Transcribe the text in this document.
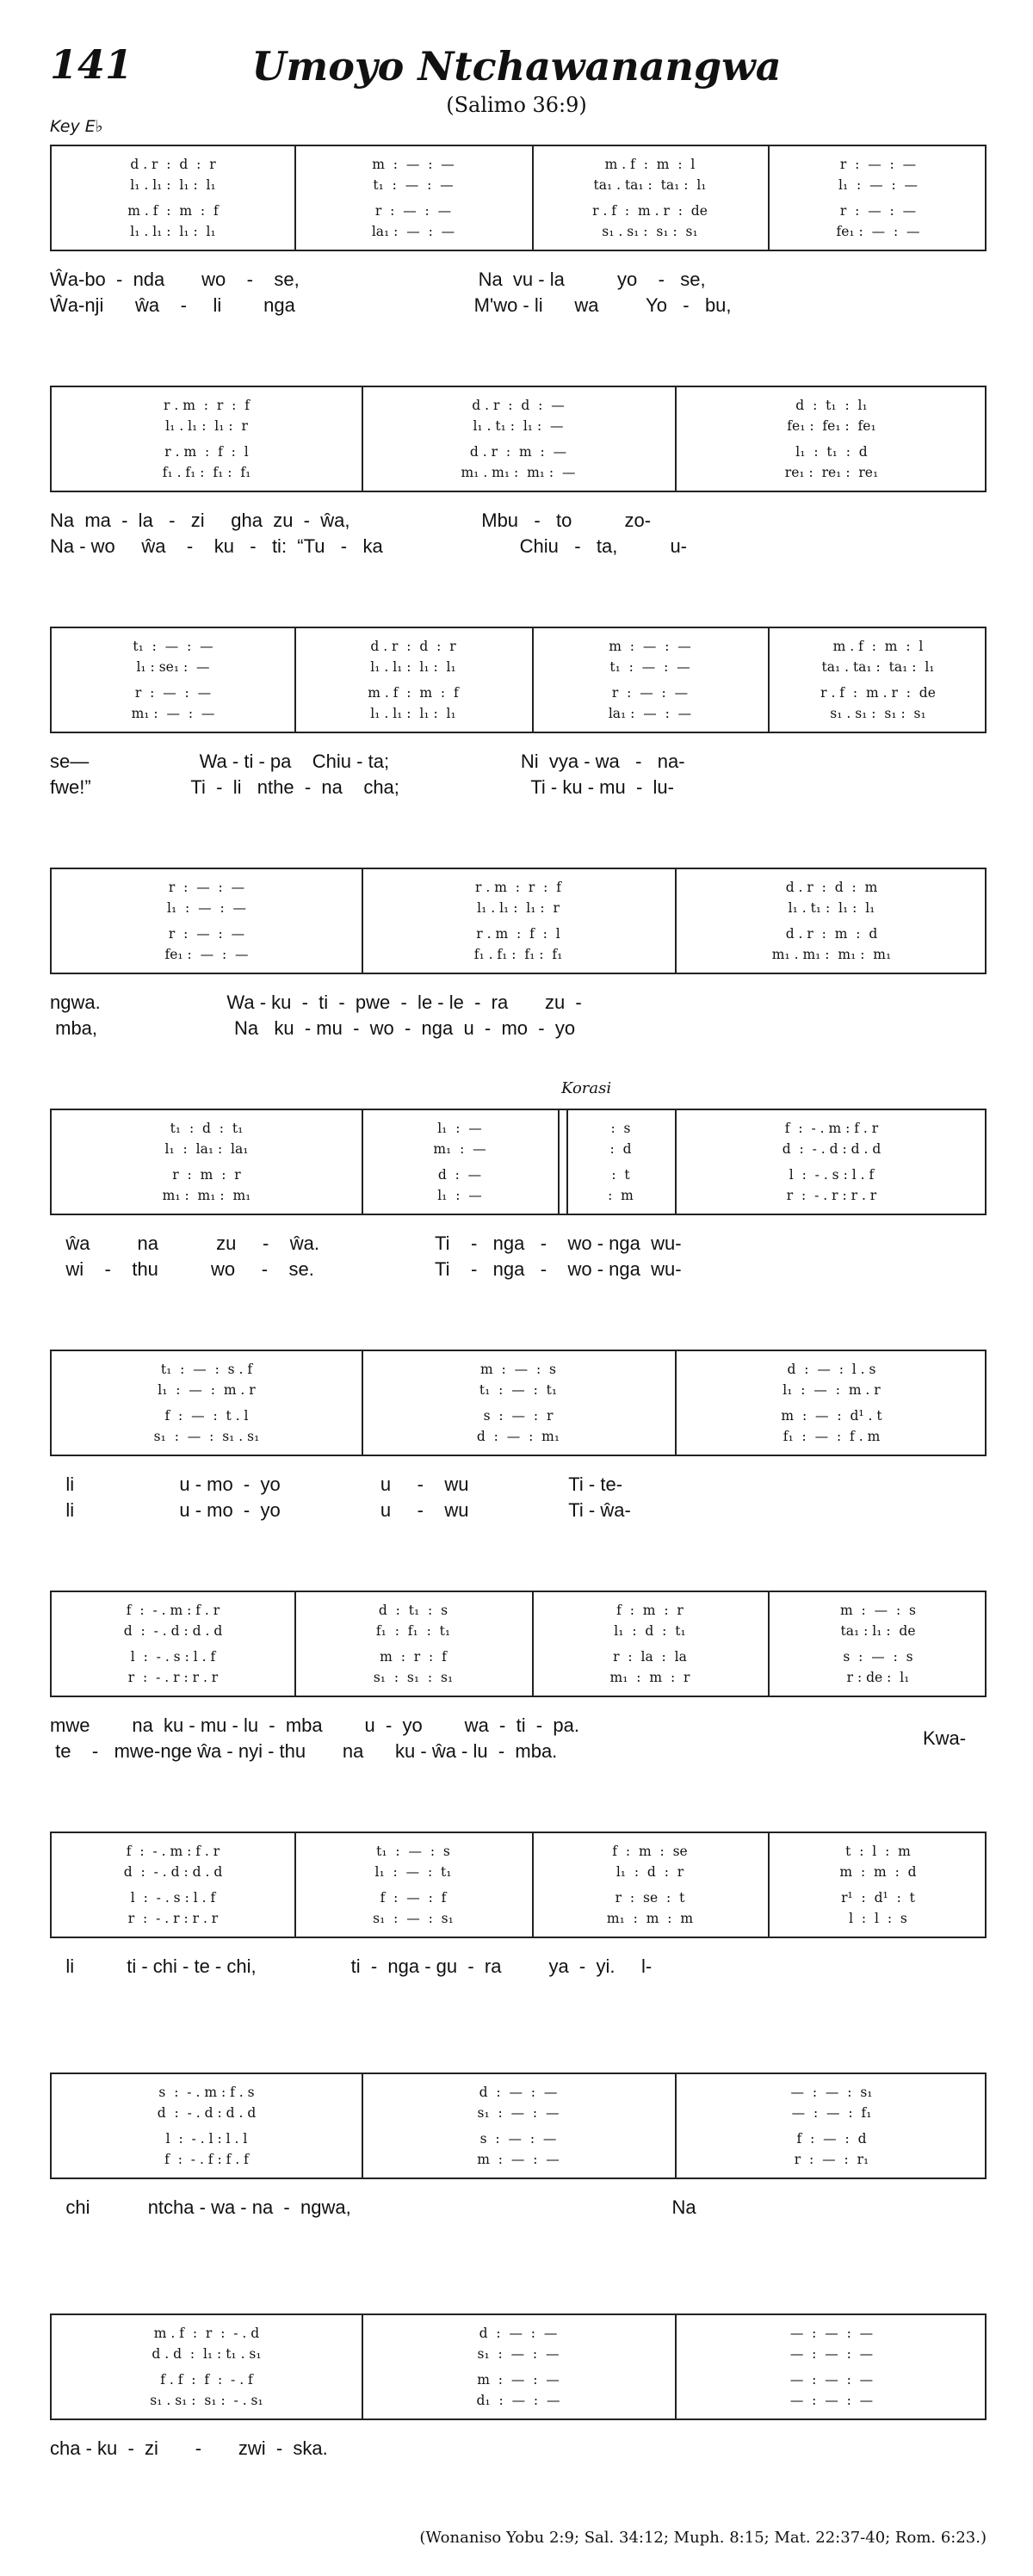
141	Umoyo Ntchawanangwa
(Salimo 36:9)
Key E♭
Korasi
d . r  :  d  :  r
l₁ . l₁ :  l₁ :  l₁
m . f  :  m  :  f
l₁ . l₁ :  l₁ :  l₁
m  :  —  :  —
t₁  :  —  :  —
r  :  —  :  —
la₁ :  —  :  —
m . f  :  m  :  l
ta₁ . ta₁ :  ta₁ :  l₁
r . f  :  m . r  :  de
s₁ . s₁ :  s₁ :  s₁
r  :  —  :  —
l₁  :  —  :  —
r  :  —  :  —
fe₁ :  —  :  —
Ŵa-bo  -  nda       wo    -    se,                                  Na  vu - la          yo    -   se,
Ŵa-nji      ŵa    -     li        nga                                  M'wo - li      wa         Yo   -   bu,
r . m  :  r  :  f
l₁ . l₁ :  l₁ :  r
r . m  :  f  :  l
f₁ . f₁ :  f₁ :  f₁
d . r  :  d  :  —
l₁ . t₁ :  l₁ :  —
d . r  :  m  :  —
m₁ . m₁ :  m₁ :  —
d  :  t₁  :  l₁
fe₁ :  fe₁ :  fe₁
l₁  :  t₁  :  d
re₁ :  re₁ :  re₁
Na  ma  -  la   -   zi     gha  zu  -  ŵa,                         Mbu   -   to          zo-
Na - wo     ŵa    -    ku   -   ti:  “Tu   -   ka                          Chiu   -   ta,          u-
t₁  :  —  :  —
l₁ : se₁ :  —
r  :  —  :  —
m₁ :  —  :  —
d . r  :  d  :  r
l₁ . l₁ :  l₁ :  l₁
m . f  :  m  :  f
l₁ . l₁ :  l₁ :  l₁
m  :  —  :  —
t₁  :  —  :  —
r  :  —  :  —
la₁ :  —  :  —
m . f  :  m  :  l
ta₁ . ta₁ :  ta₁ :  l₁
r . f  :  m . r  :  de
s₁ . s₁ :  s₁ :  s₁
se—                     Wa - ti - pa    Chiu - ta;                         Ni  vya - wa   -   na-
fwe!”                   Ti  -  li   nthe  -  na    cha;                         Ti - ku - mu  -  lu-
r  :  —  :  —
l₁  :  —  :  —
r  :  —  :  —
fe₁ :  —  :  —
r . m  :  r  :  f
l₁ . l₁ :  l₁ :  r
r . m  :  f  :  l
f₁ . f₁ :  f₁ :  f₁
d . r  :  d  :  m
l₁ . t₁ :  l₁ :  l₁
d . r  :  m  :  d
m₁ . m₁ :  m₁ :  m₁
ngwa.                        Wa - ku  -  ti  -  pwe  -  le - le  -  ra       zu  -
mba,                          Na   ku  - mu  -  wo  -  nga  u  -  mo  -  yo
t₁  :  d  :  t₁
l₁  :  la₁ :  la₁
r  :  m  :  r
m₁ :  m₁ :  m₁
l₁  :  —
m₁  :  —
d  :  —
l₁  :  —
:  s
:  d
:  t
:  m
f  :  - . m : f . r
d  :  - . d : d . d
l  :  - . s : l . f
r  :  - . r : r . r
ŵa         na           zu     -    ŵa.                      Ti    -   nga   -    wo - nga  wu-
wi    -    thu          wo     -    se.                       Ti    -   nga   -    wo - nga  wu-
t₁  :  —  :  s . f
l₁  :  —  :  m . r
f  :  —  :  t . l
s₁  :  —  :  s₁ . s₁
m  :  —  :  s
t₁  :  —  :  t₁
s  :  —  :  r
d  :  —  :  m₁
d  :  —  :  l . s
l₁  :  —  :  m . r
m  :  —  :  d¹ . t
f₁  :  —  :  f . m
li                    u - mo  -  yo                   u     -    wu                   Ti - te-
li                    u - mo  -  yo                   u     -    wu                   Ti - ŵa-
f  :  - . m : f . r
d  :  - . d : d . d
l  :  - . s : l . f
r  :  - . r : r . r
d  :  t₁  :  s
f₁  :  f₁  :  t₁
m  :  r  :  f
s₁  :  s₁  :  s₁
f  :  m  :  r
l₁  :  d  :  t₁
r  :  la  :  la
m₁  :  m  :  r
m  :  —  :  s
ta₁ : l₁ :  de
s  :  —  :  s
r : de :  l₁
mwe        na  ku - mu - lu  -  mba        u  -  yo        wa  -  ti  -  pa.
te    -   mwe-nge ŵa - nyi - thu       na      ku - ŵa - lu  -  mba.
Kwa-
f  :  - . m : f . r
d  :  - . d : d . d
l  :  - . s : l . f
r  :  - . r : r . r
t₁  :  —  :  s
l₁  :  —  :  t₁
f  :  —  :  f
s₁  :  —  :  s₁
f  :  m  :  se
l₁  :  d  :  r
r  :  se  :  t
m₁  :  m  :  m
t  :  l  :  m
m  :  m  :  d
r¹  :  d¹  :  t
l  :  l  :  s
li          ti - chi - te - chi,                  ti  -  nga - gu  -  ra         ya  -  yi.     l-
s  :  - . m : f . s
d  :  - . d : d . d
l  :  - . l : l . l
f  :  - . f : f . f
d  :  —  :  —
s₁  :  —  :  —
s  :  —  :  —
m  :  —  :  —
—  :  —  :  s₁
—  :  —  :  f₁
f  :  —  :  d
r  :  —  :  r₁
chi           ntcha - wa - na  -  ngwa,                                                             Na
m . f  :  r  :  - . d
d . d  :  l₁ : t₁ . s₁
f . f  :  f  :  - . f
s₁ . s₁ :  s₁ :  - . s₁
d  :  —  :  —
s₁  :  —  :  —
m  :  —  :  —
d₁  :  —  :  —
—  :  —  :  —
—  :  —  :  —
—  :  —  :  —
—  :  —  :  —
cha - ku  -  zi       -       zwi  -  ska.
(Wonaniso Yobu 2:9; Sal. 34:12; Muph. 8:15; Mat. 22:37-40; Rom. 6:23.)
